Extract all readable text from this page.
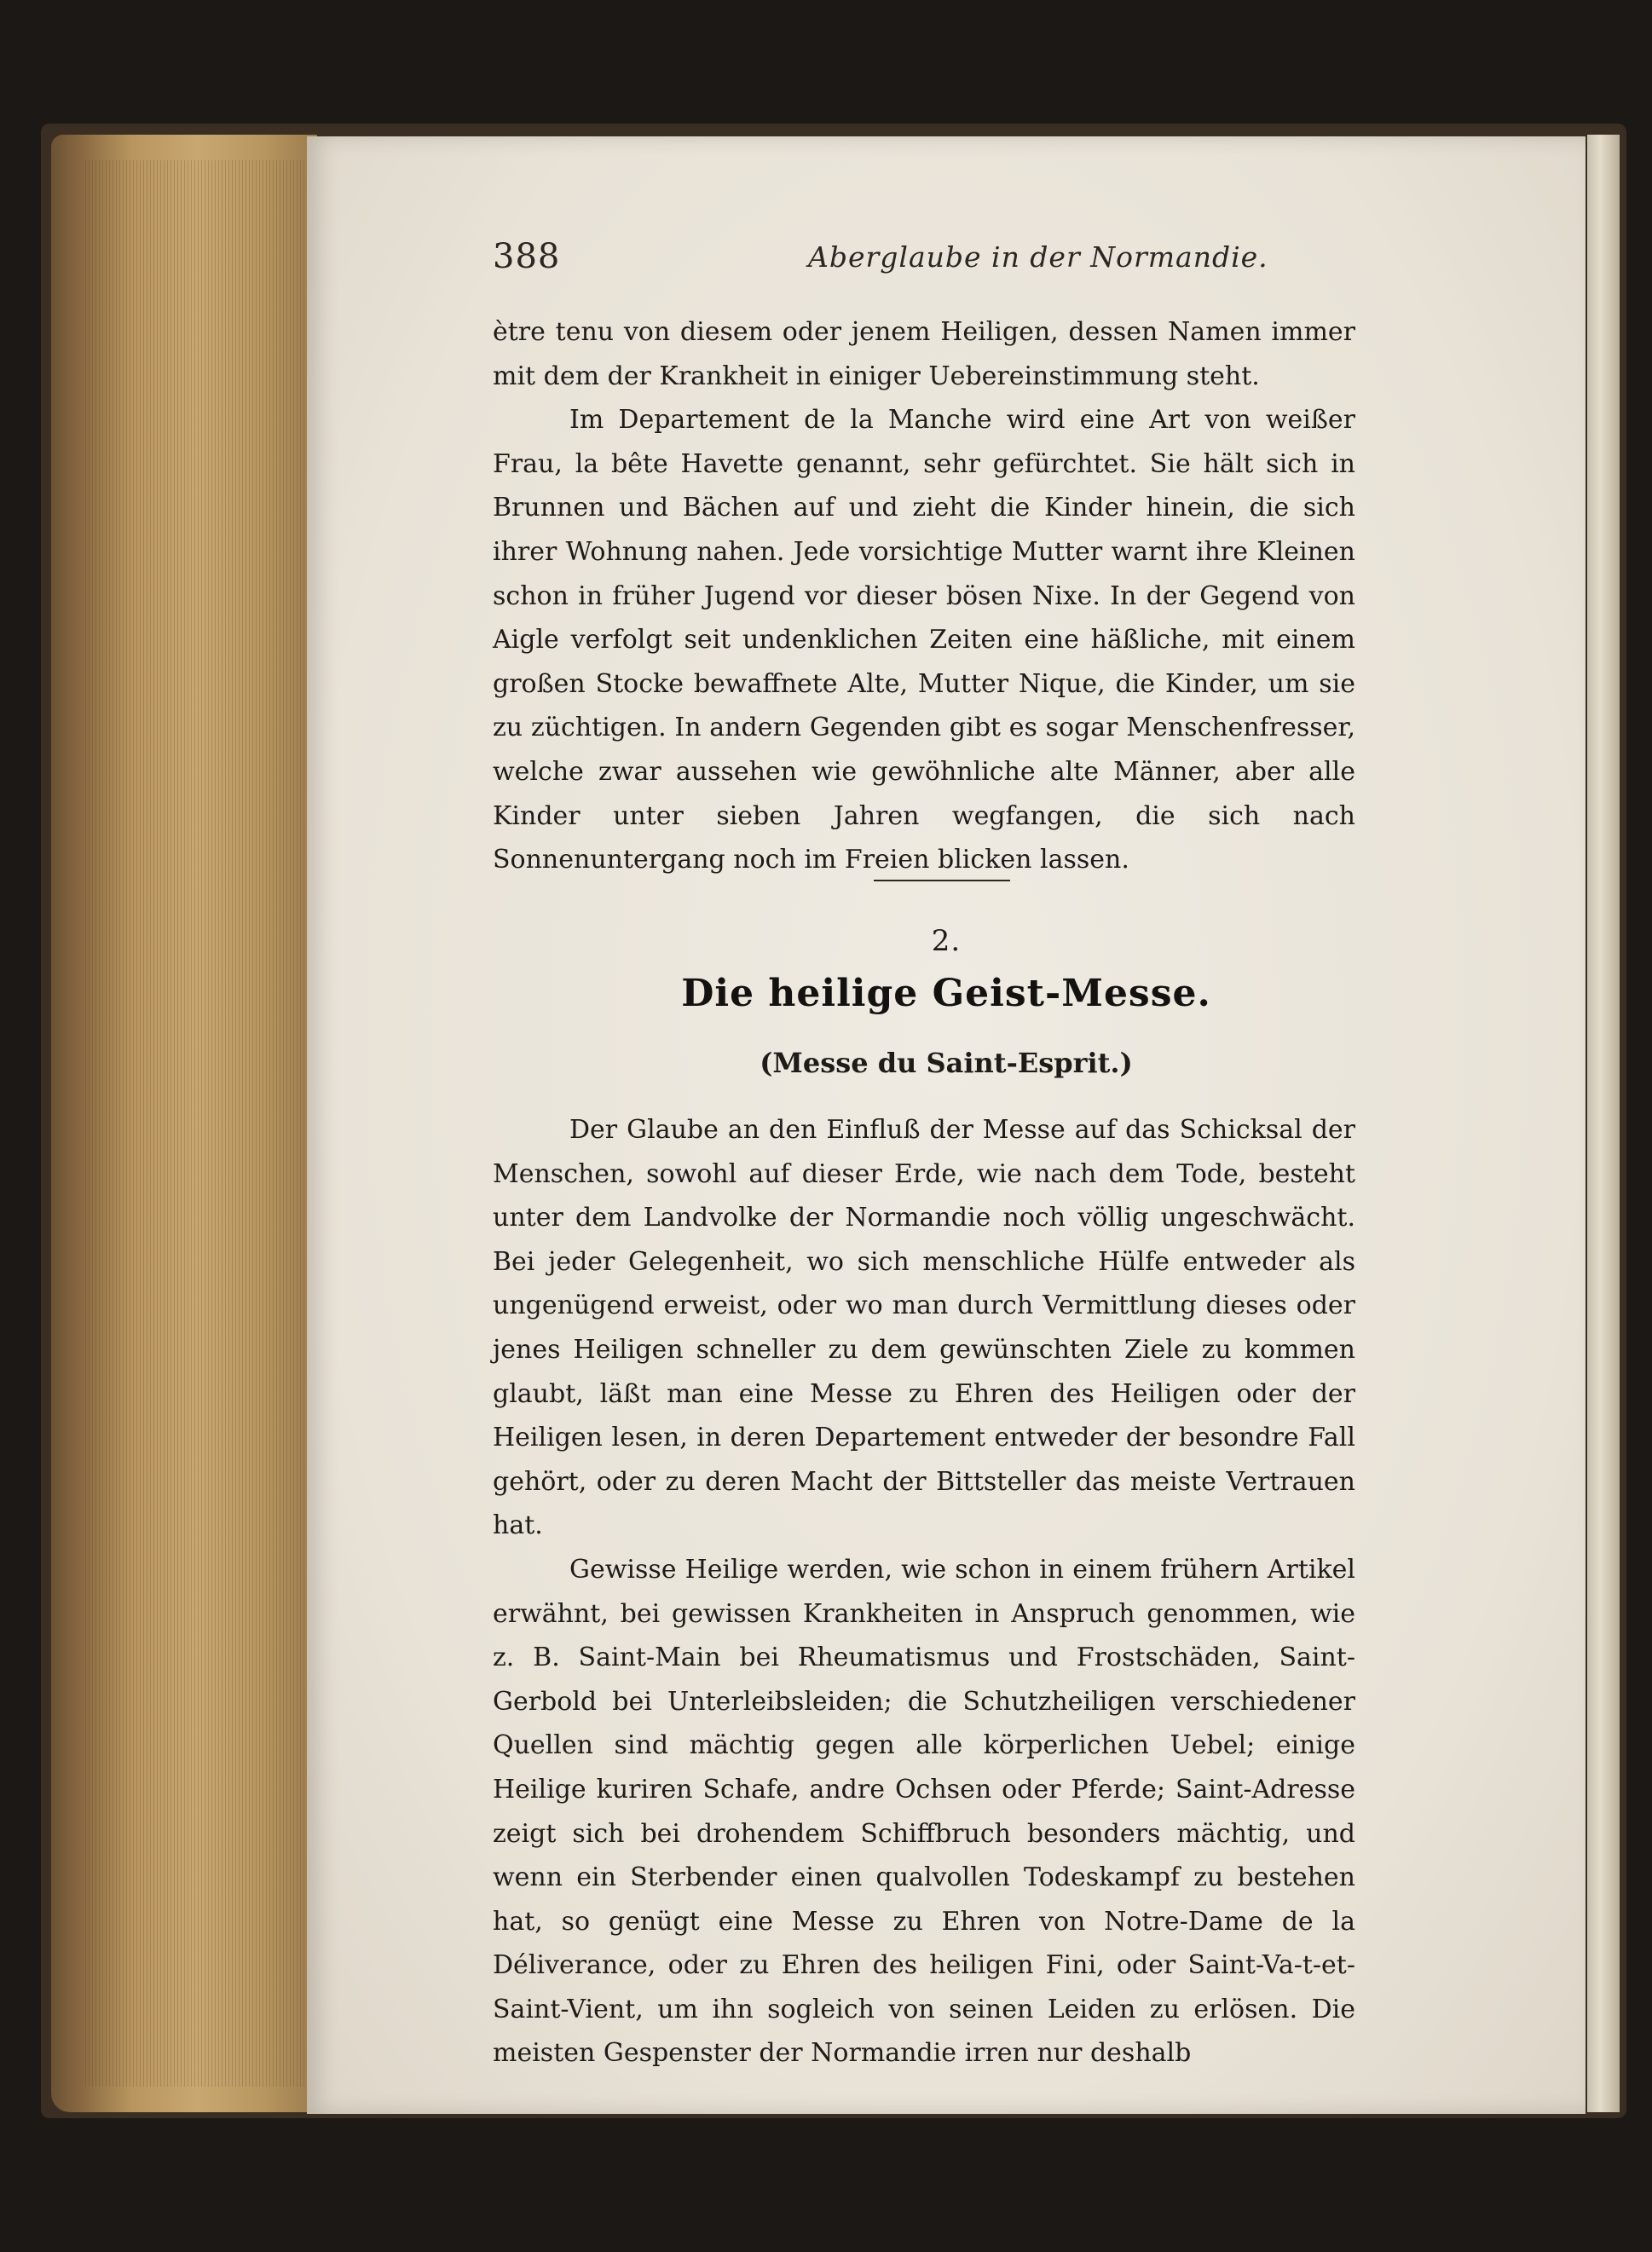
388	Aberglaube in der Normandie.

ètre tenu von diesem oder jenem Heiligen, dessen Namen immer mit dem der Krankheit in einiger Uebereinstimmung steht.

Im Departement de la Manche wird eine Art von weißer Frau, la bête Havette genannt, sehr gefürchtet. Sie hält sich in Brunnen und Bächen auf und zieht die Kinder hinein, die sich ihrer Wohnung nahen. Jede vorsichtige Mutter warnt ihre Kleinen schon in früher Jugend vor dieser bösen Nixe. In der Gegend von Aigle verfolgt seit undenklichen Zeiten eine häßliche, mit einem großen Stocke bewaffnete Alte, Mutter Nique, die Kinder, um sie zu züchtigen. In andern Gegenden gibt es sogar Menschenfresser, welche zwar aussehen wie gewöhnliche alte Männer, aber alle Kinder unter sieben Jahren wegfangen, die sich nach Sonnenuntergang noch im Freien blicken lassen.

2.
Die heilige Geist-Messe.
(Messe du Saint-Esprit.)

Der Glaube an den Einfluß der Messe auf das Schicksal der Menschen, sowohl auf dieser Erde, wie nach dem Tode, besteht unter dem Landvolke der Normandie noch völlig ungeschwächt. Bei jeder Gelegenheit, wo sich menschliche Hülfe entweder als ungenügend erweist, oder wo man durch Vermittlung dieses oder jenes Heiligen schneller zu dem gewünschten Ziele zu kommen glaubt, läßt man eine Messe zu Ehren des Heiligen oder der Heiligen lesen, in deren Departement entweder der besondre Fall gehört, oder zu deren Macht der Bittsteller das meiste Vertrauen hat.

Gewisse Heilige werden, wie schon in einem frühern Artikel erwähnt, bei gewissen Krankheiten in Anspruch genommen, wie z. B. Saint-Main bei Rheumatismus und Frostschäden, Saint-Gerbold bei Unterleibsleiden; die Schutzheiligen verschiedener Quellen sind mächtig gegen alle körperlichen Uebel; einige Heilige kuriren Schafe, andre Ochsen oder Pferde; Saint-Adresse zeigt sich bei drohendem Schiffbruch besonders mächtig, und wenn ein Sterbender einen qualvollen Todeskampf zu bestehen hat, so genügt eine Messe zu Ehren von Notre-Dame de la Déliverance, oder zu Ehren des heiligen Fini, oder Saint-Va-t-et-Saint-Vient, um ihn sogleich von seinen Leiden zu erlösen. Die meisten Gespenster der Normandie irren nur deshalb
